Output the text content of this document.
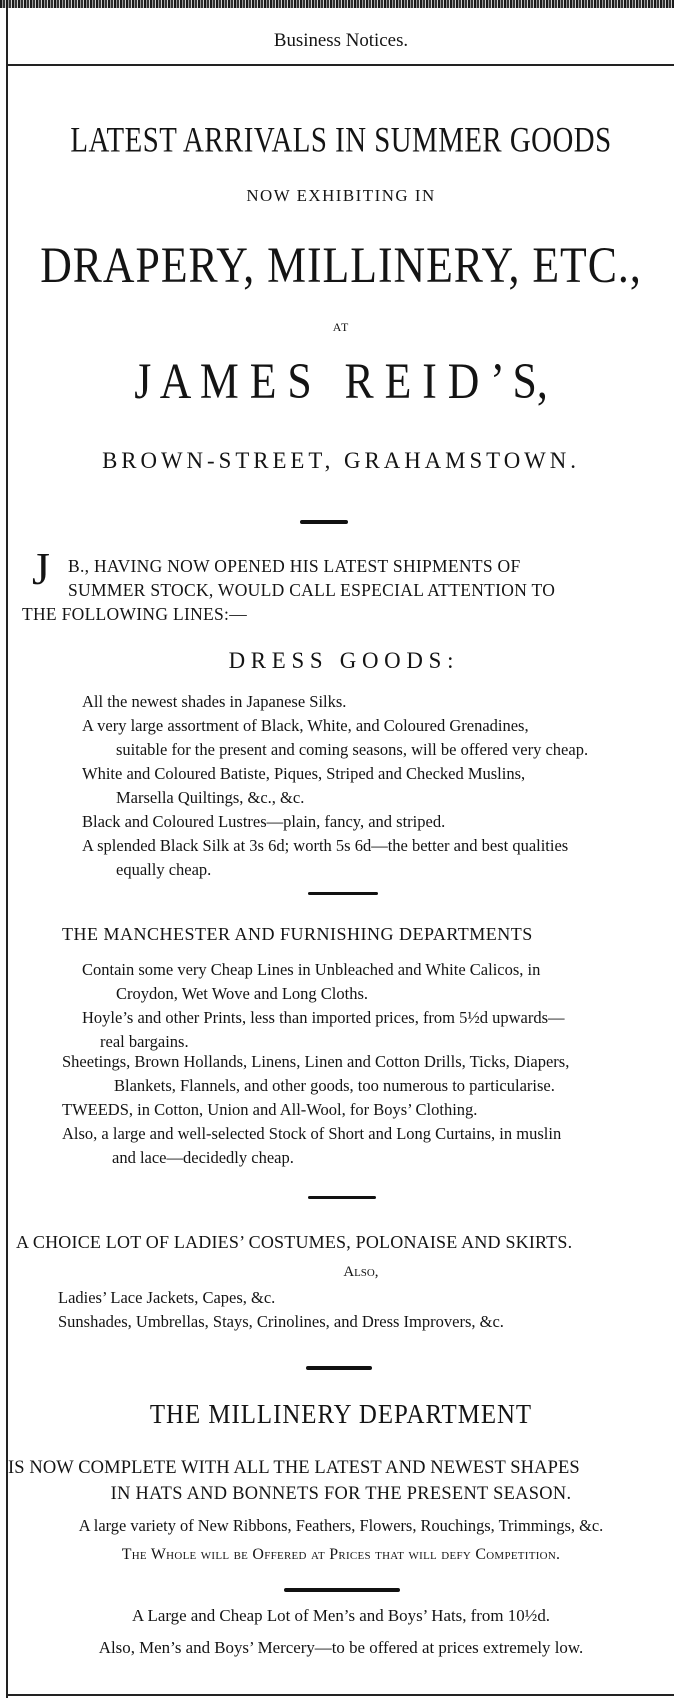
Business Notices.
LATEST ARRIVALS IN SUMMER GOODS
NOW EXHIBITING IN
DRAPERY, MILLINERY, ETC.,
AT
J A M E S   R E I D ’ S,
BROWN-STREET, GRAHAMSTOWN.
J B., HAVING NOW OPENED HIS LATEST SHIPMENTS OF
SUMMER STOCK, WOULD CALL ESPECIAL ATTENTION TO
THE FOLLOWING LINES:—
D R E S S   G O O D S :
All the newest shades in Japanese Silks.
A very large assortment of Black, White, and Coloured Grenadines,
suitable for the present and coming seasons, will be offered very cheap.
White and Coloured Batiste, Piques, Striped and Checked Muslins,
Marsella Quiltings, &c., &c.
Black and Coloured Lustres—plain, fancy, and striped.
A splended Black Silk at 3s 6d; worth 5s 6d—the better and best qualities
equally cheap.
THE MANCHESTER AND FURNISHING DEPARTMENTS
Contain some very Cheap Lines in Unbleached and White Calicos, in
Croydon, Wet Wove and Long Cloths.
Hoyle’s and other Prints, less than imported prices, from 5½d upwards—
real bargains.
Sheetings, Brown Hollands, Linens, Linen and Cotton Drills, Ticks, Diapers,
Blankets, Flannels, and other goods, too numerous to particularise.
TWEEDS, in Cotton, Union and All-Wool, for Boys’ Clothing.
Also, a large and well-selected Stock of Short and Long Curtains, in muslin
and lace—decidedly cheap.
A CHOICE LOT OF LADIES’ COSTUMES, POLONAISE AND SKIRTS.
Also,
Ladies’ Lace Jackets, Capes, &c.
Sunshades, Umbrellas, Stays, Crinolines, and Dress Improvers, &c.
THE MILLINERY DEPARTMENT
IS NOW COMPLETE WITH ALL THE LATEST AND NEWEST SHAPES
IN HATS AND BONNETS FOR THE PRESENT SEASON.
A large variety of New Ribbons, Feathers, Flowers, Rouchings, Trimmings, &c.
The Whole will be Offered at Prices that will defy Competition.
A Large and Cheap Lot of Men’s and Boys’ Hats, from 10½d.
Also, Men’s and Boys’ Mercery—to be offered at prices extremely low.
